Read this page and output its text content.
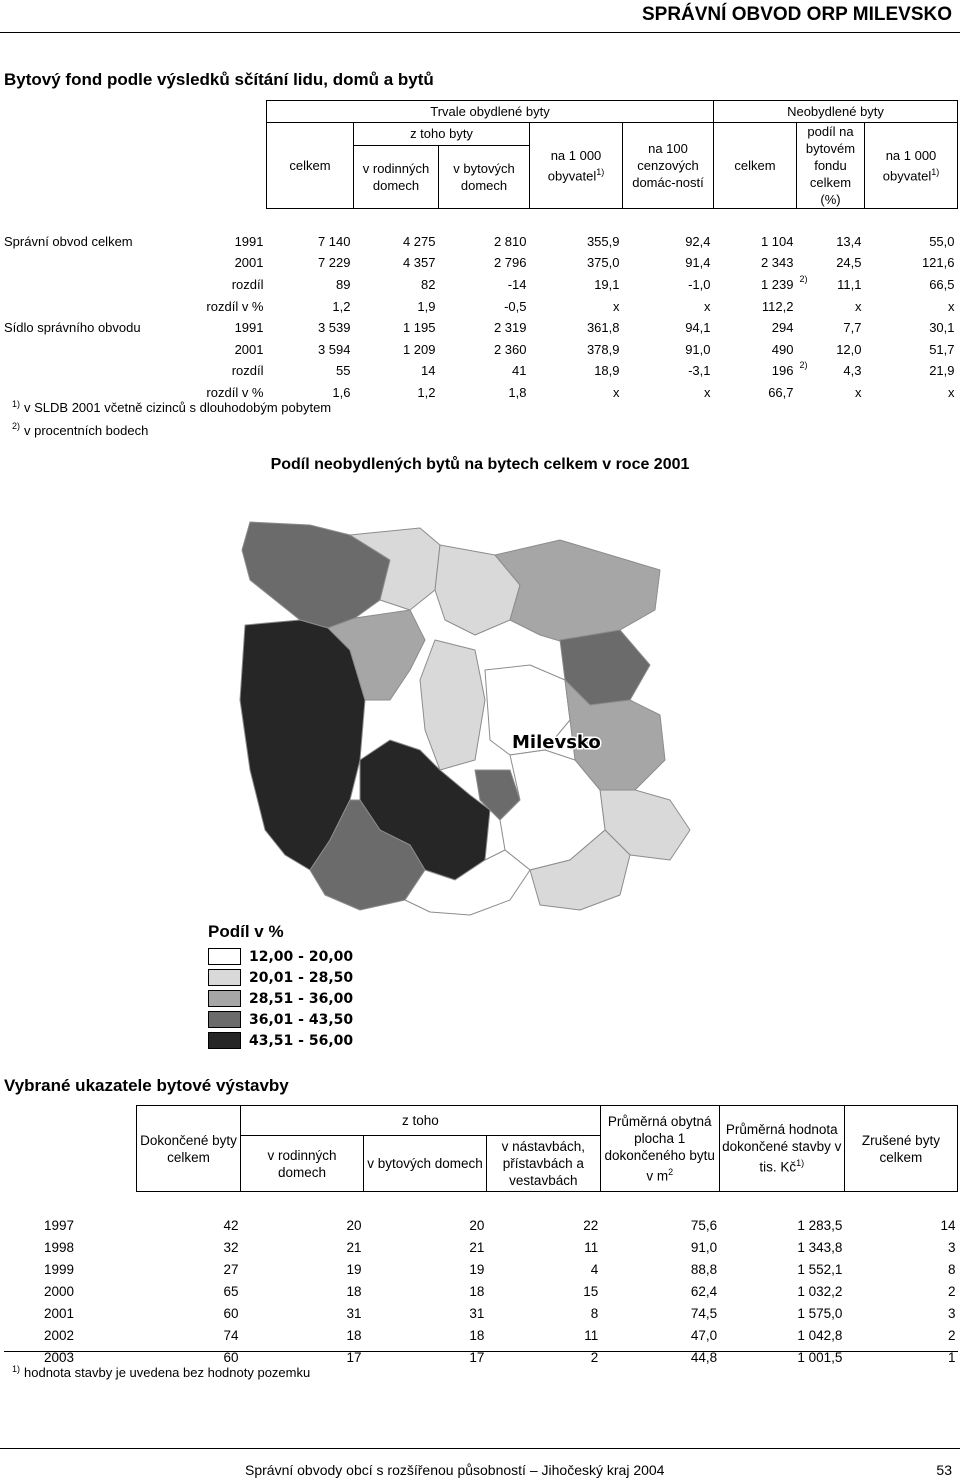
SPRÁVNÍ OBVOD ORP MILEVSKO
Bytový fond podle výsledků sčítání lidu, domů a bytů
		Trvale obydlené byty					Neobydlené byty			
		celkem	z toho byty		na 1 000 obyvatel$^{1)}$	na 100 cenzových domác-ností	celkem	podíl na bytovém fondu celkem (%)		na 1 000 obyvatel$^{1)}$
			v rodinných domech	v bytových domech						

Správní obvod celkem	1991	7 140	4 275	2 810	355,9	92,4	1 104		13,4	55,0
	2001	7 229	4 357	2 796	375,0	91,4	2 343		24,5	121,6
	rozdíl	89	82	-14	19,1	-1,0	1 239	2)	11,1	66,5
	rozdíl v %	1,2	1,9	-0,5	x	x	112,2		x	x
Sídlo správního obvodu	1991	3 539	1 195	2 319	361,8	94,1	294		7,7	30,1
	2001	3 594	1 209	2 360	378,9	91,0	490		12,0	51,7
	rozdíl	55	14	41	18,9	-3,1	196	2)	4,3	21,9
	rozdíl v %	1,6	1,2	1,8	x	x	66,7		x	x
$^{1)}$ v SLDB 2001 včetně cizinců s dlouhodobým pobytem
$^{2)}$ v procentních bodech
Podíl neobydlených bytů na bytech celkem v roce 2001
Milevsko
Podíl v %
12,00 - 20,00
20,01 - 28,50
28,51 - 36,00
36,01 - 43,50
43,51 - 56,00
Vybrané ukazatele bytové výstavby
	Dokončené byty celkem	z toho			Průměrná obytná plocha 1 dokončeného bytu v $m^2$	Průměrná hodnota dokončené stavby v tis. $Kč^{1)}$	Zrušené byty celkem
		v rodinných domech	v bytových domech	v nástavbách, přístavbách a vestavbách			

1997	42	20	20	22	75,6	1 283,5	14
1998	32	21	21	11	91,0	1 343,8	3
1999	27	19	19	4	88,8	1 552,1	8
2000	65	18	18	15	62,4	1 032,2	2
2001	60	31	31	8	74,5	1 575,0	3
2002	74	18	18	11	47,0	1 042,8	2
2003	60	17	17	2	44,8	1 001,5	1
$^{1)}$ hodnota stavby je uvedena bez hodnoty pozemku
Správní obvody obcí s rozšířenou působností – Jihočeský kraj 2004	53
